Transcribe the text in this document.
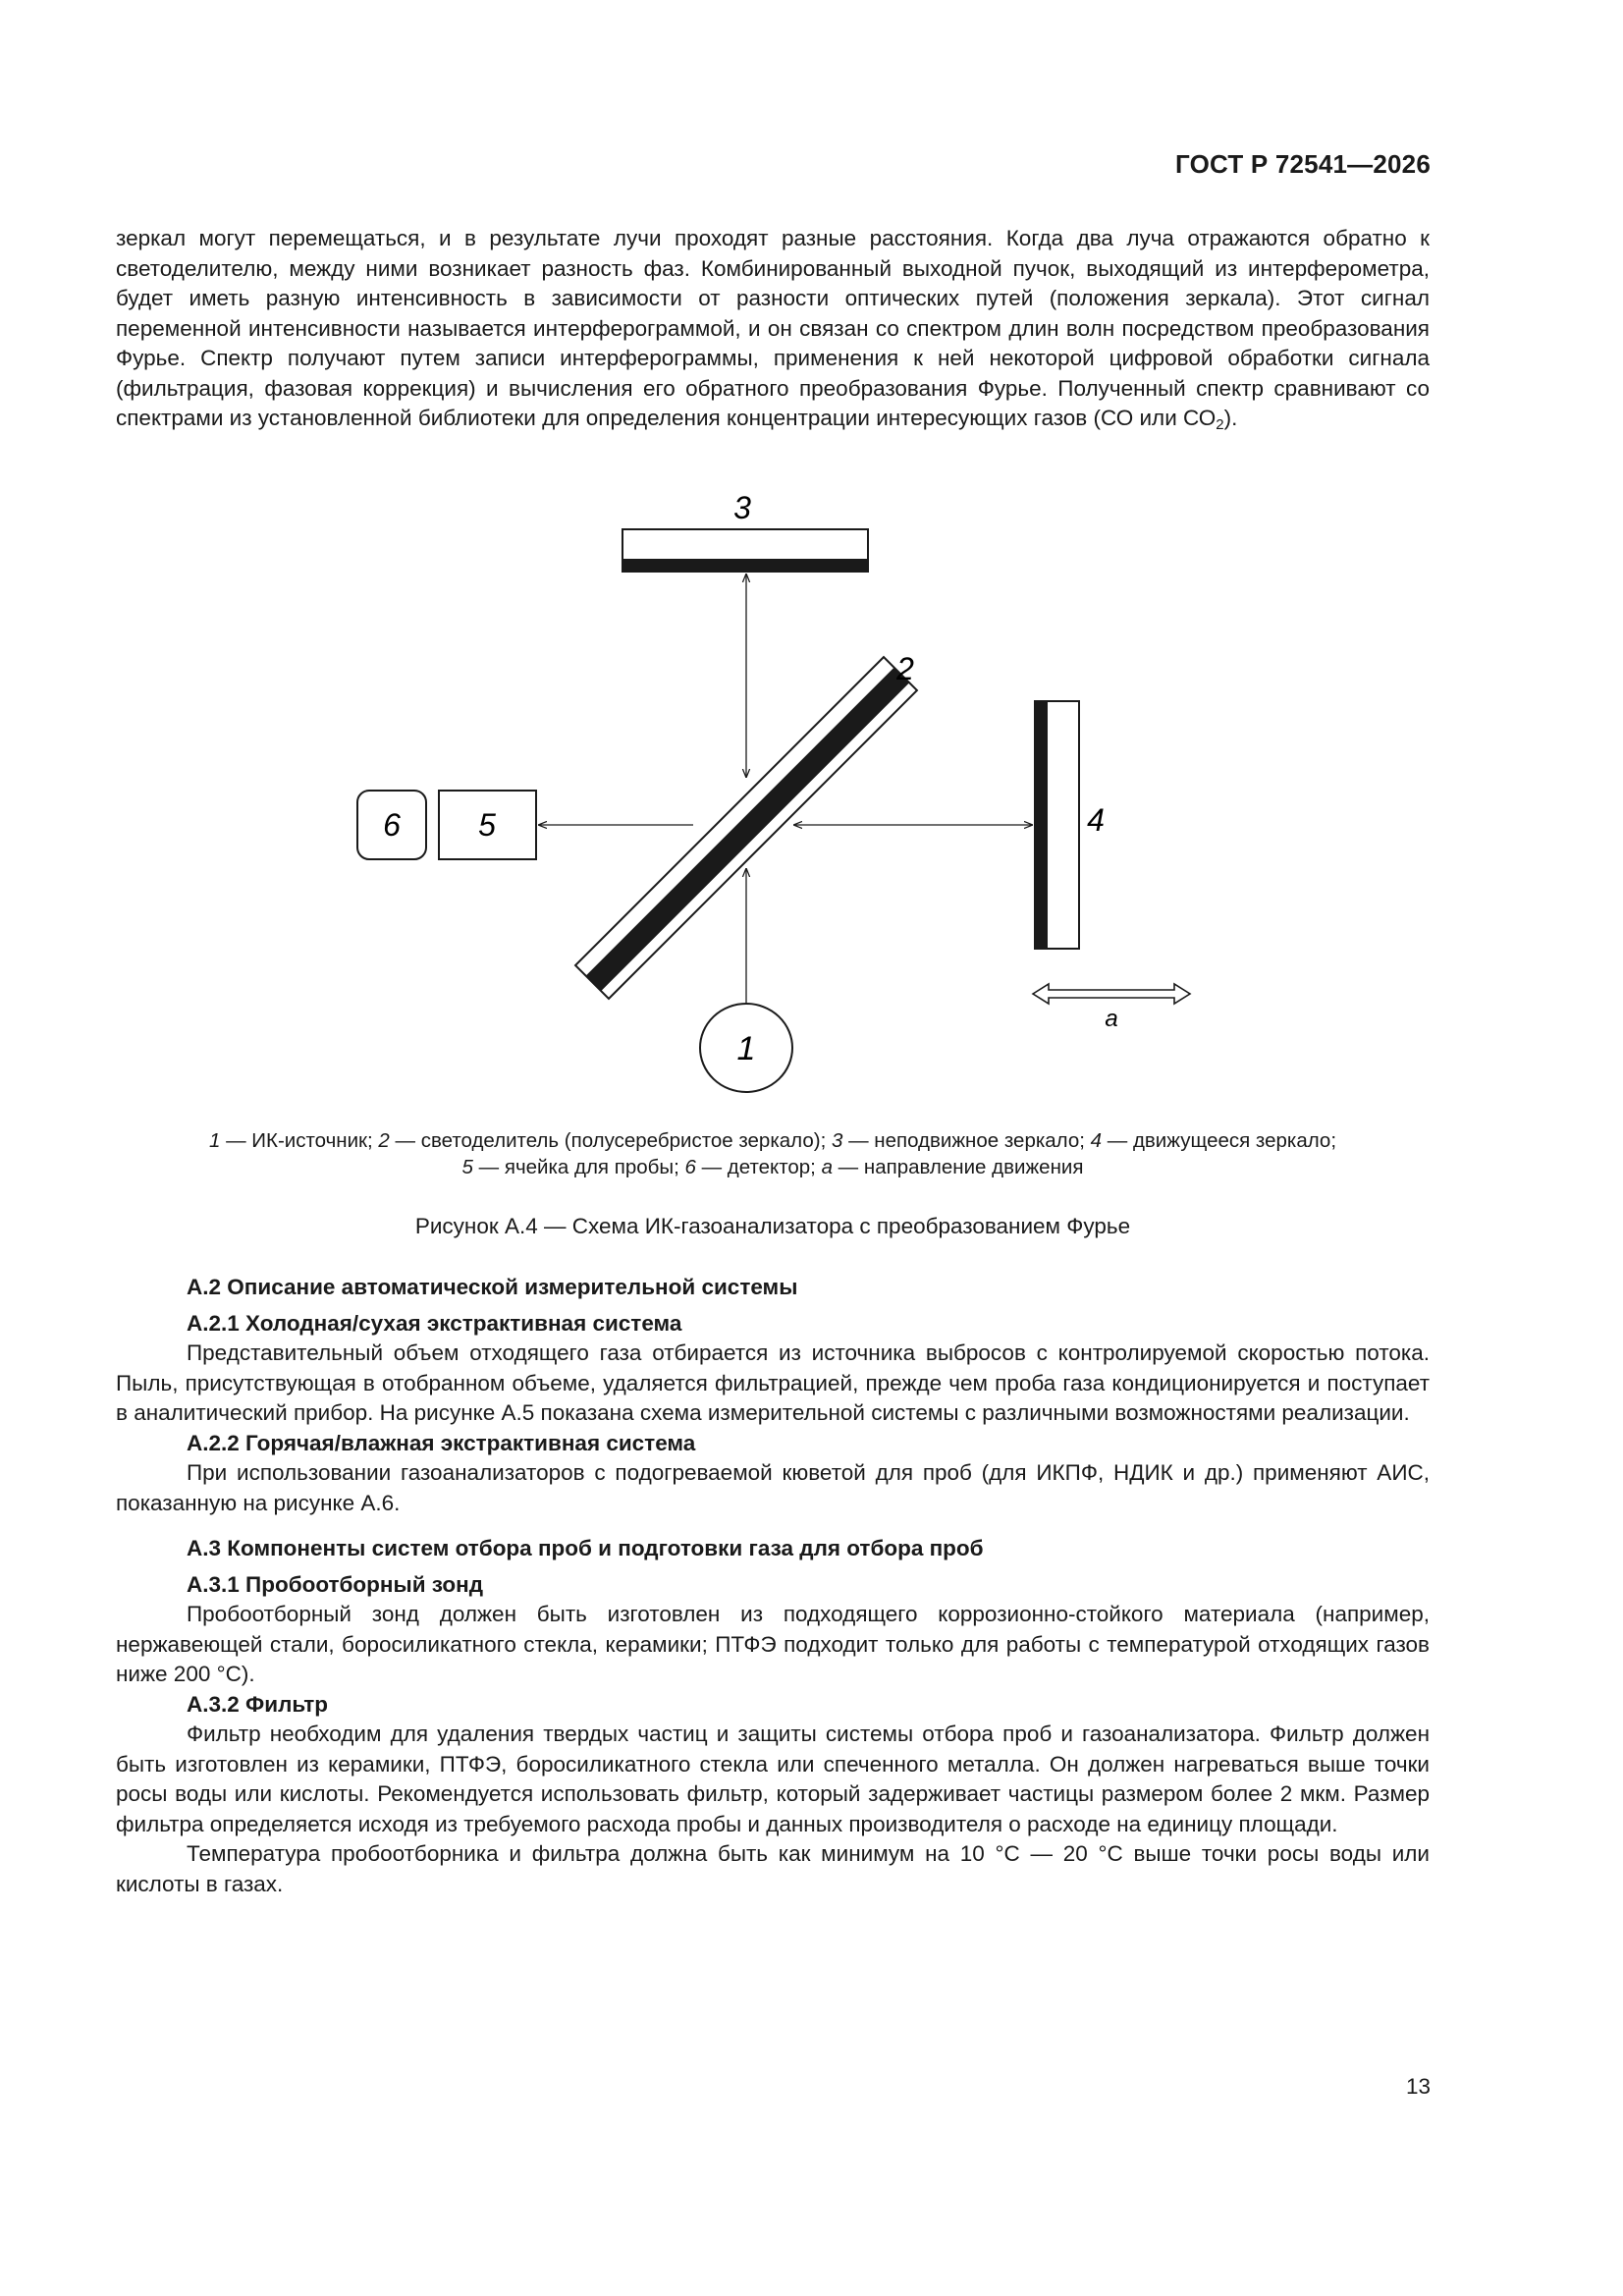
ГОСТ Р 72541—2026

зеркал могут перемещаться, и в результате лучи проходят разные расстояния. Когда два луча отражаются обратно к светоделителю, между ними возникает разность фаз. Комбинированный выходной пучок, выходящий из интерферометра, будет иметь разную интенсивность в зависимости от разности оптических путей (положения зеркала). Этот сигнал переменной интенсивности называется интерферограммой, и он связан со спектром длин волн посредством преобразования Фурье. Спектр получают путем записи интерферограммы, применения к ней некоторой цифровой обработки сигнала (фильтрация, фазовая коррекция) и вычисления его обратного преобразования Фурье. Полученный спектр сравнивают со спектрами из установленной библиотеки для определения концентрации интересующих газов (СО или $СО_2$).

3
2
4
6 5
1
a
1 — ИК-источник; 2 — светоделитель (полусеребристое зеркало); 3 — неподвижное зеркало; 4 — движущееся зеркало;
5 — ячейка для пробы; 6 — детектор; a — направление движения
Рисунок А.4 — Схема ИК-газоанализатора с преобразованием Фурье

А.2 Описание автоматической измерительной системы

А.2.1 Холодная/сухая экстрактивная система

Представительный объем отходящего газа отбирается из источника выбросов с контролируемой скоростью потока. Пыль, присутствующая в отобранном объеме, удаляется фильтрацией, прежде чем проба газа кондиционируется и поступает в аналитический прибор. На рисунке А.5 показана схема измерительной системы с различными возможностями реализации.

А.2.2 Горячая/влажная экстрактивная система

При использовании газоанализаторов с подогреваемой кюветой для проб (для ИКПФ, НДИК и др.) применяют АИС, показанную на рисунке А.6.

А.3 Компоненты систем отбора проб и подготовки газа для отбора проб

А.3.1 Пробоотборный зонд

Пробоотборный зонд должен быть изготовлен из подходящего коррозионно-стойкого материала (например, нержавеющей стали, боросиликатного стекла, керамики; ПТФЭ подходит только для работы с температурой отходящих газов ниже 200 °С).

А.3.2 Фильтр

Фильтр необходим для удаления твердых частиц и защиты системы отбора проб и газоанализатора. Фильтр должен быть изготовлен из керамики, ПТФЭ, боросиликатного стекла или спеченного металла. Он должен нагреваться выше точки росы воды или кислоты. Рекомендуется использовать фильтр, который задерживает частицы размером более 2 мкм. Размер фильтра определяется исходя из требуемого расхода пробы и данных производителя о расходе на единицу площади.

Температура пробоотборника и фильтра должна быть как минимум на 10 °С — 20 °С выше точки росы воды или кислоты в газах.

13
